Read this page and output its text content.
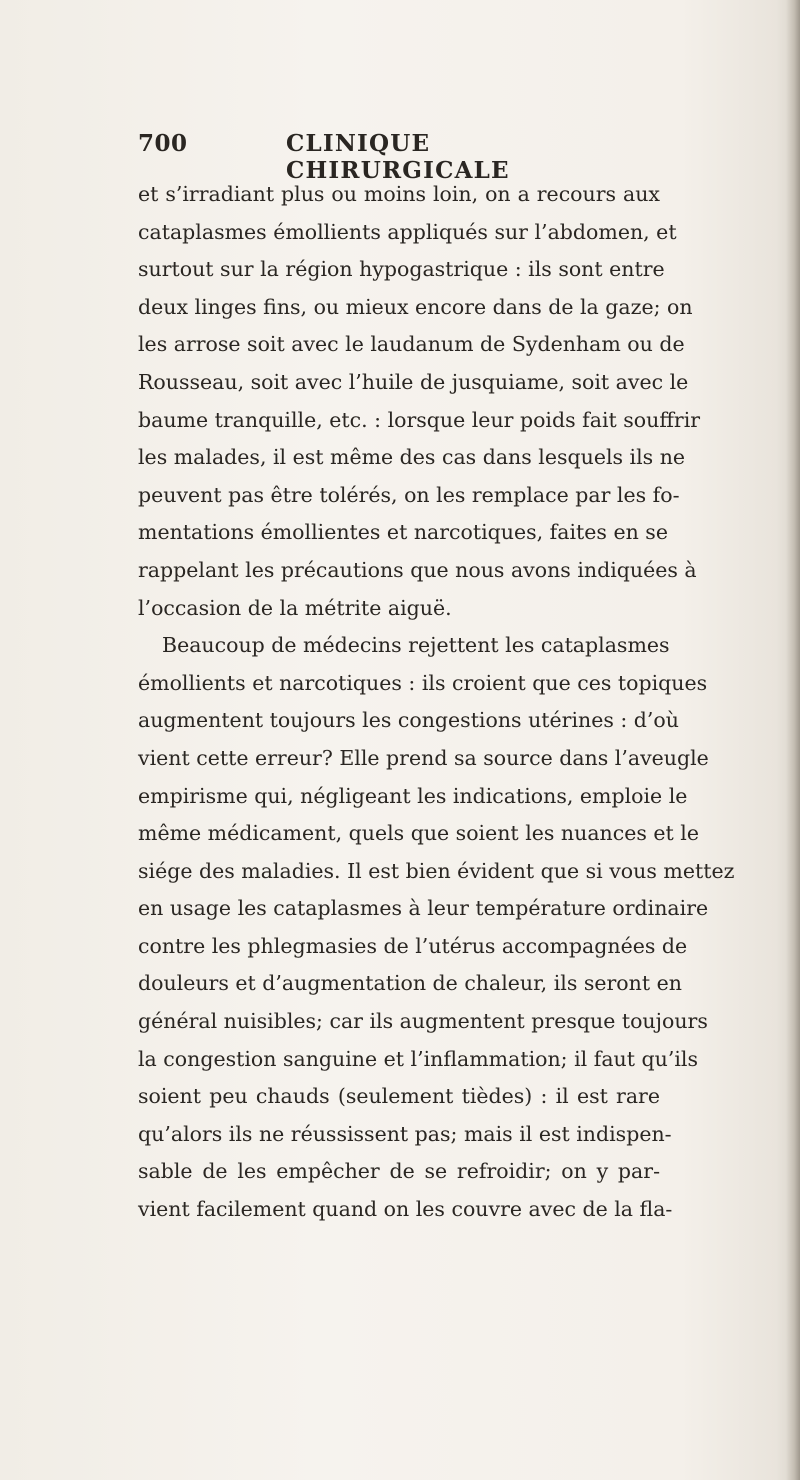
700	CLINIQUE CHIRURGICALE
et s’irradiant plus ou moins loin, on a recours aux
cataplasmes émollients appliqués sur l’abdomen, et
surtout sur la région hypogastrique : ils sont entre
deux linges fins, ou mieux encore dans de la gaze; on
les arrose soit avec le laudanum de Sydenham ou de
Rousseau, soit avec l’huile de jusquiame, soit avec le
baume tranquille, etc. : lorsque leur poids fait souffrir
les malades, il est même des cas dans lesquels ils ne
peuvent pas être tolérés, on les remplace par les fo-
mentations émollientes et narcotiques, faites en se
rappelant les précautions que nous avons indiquées à
l’occasion de la métrite aiguë.
Beaucoup de médecins rejettent les cataplasmes
émollients et narcotiques : ils croient que ces topiques
augmentent toujours les congestions utérines : d’où
vient cette erreur? Elle prend sa source dans l’aveugle
empirisme qui, négligeant les indications, emploie le
même médicament, quels que soient les nuances et le
siége des maladies. Il est bien évident que si vous mettez
en usage les cataplasmes à leur température ordinaire
contre les phlegmasies de l’utérus accompagnées de
douleurs et d’augmentation de chaleur, ils seront en
général nuisibles; car ils augmentent presque toujours
la congestion sanguine et l’inflammation; il faut qu’ils
soient peu chauds (seulement tièdes) : il est rare
qu’alors ils ne réussissent pas; mais il est indispen-
sable de les empêcher de se refroidir; on y par-
vient facilement quand on les couvre avec de la fla-
